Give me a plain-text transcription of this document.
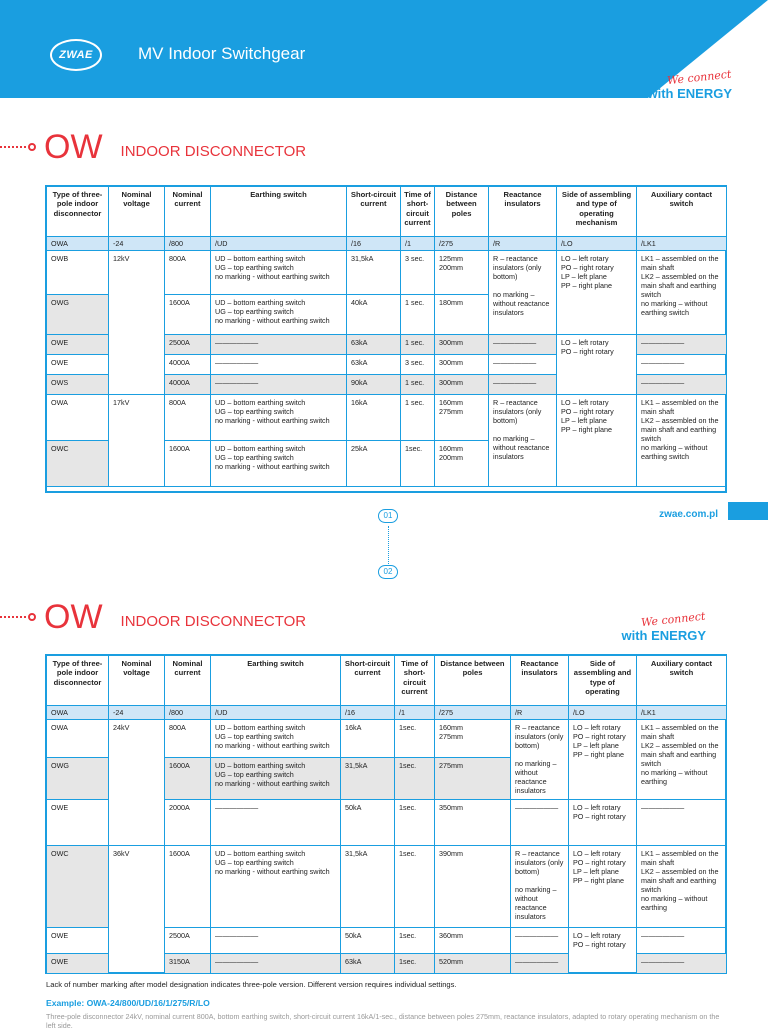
ZWAE	MV Indoor Switchgear
We connect
with ENERGY
OW INDOOR DISCONNECTOR
Type of three-pole indoor disconnector	Nominal voltage	Nominal current	Earthing switch	Short-circuit current	Time of short-circuit current	Distance between poles	Reactance insulators	Side of assembling and type of operating mechanism	Auxiliary contact switch
OWA	-24	/800	/UD	/16	/1	/275	/R	/LO	/LK1
OWB	12kV	800A	UD – bottom earthing switch
UG – top earthing switch
no marking - without earthing switch	31,5kA	3 sec.	125mm
200mm	R – reactance insulators (only bottom)

no marking – without reactance insulators	LO – left rotary
PO – right rotary
LP – left plane
PP – right plane	LK1 – assembled on the main shaft
LK2 – assembled on the main shaft and earthing switch
no marking – without earthing switch
OWG		1600A	UD – bottom earthing switch
UG – top earthing switch
no marking - without earthing switch	40kA	1 sec.	180mm			
OWE		2500A	——————	63kA	1 sec.	300mm	——————	LO – left rotary
PO – right rotary	——————
OWE		4000A	——————	63kA	3 sec.	300mm	——————		——————
OWS		4000A	——————	90kA	1 sec.	300mm	——————		——————
OWA	17kV	800A	UD – bottom earthing switch
UG – top earthing switch
no marking - without earthing switch	16kA	1 sec.	160mm
275mm	R – reactance insulators (only bottom)

no marking – without reactance insulators	LO – left rotary
PO – right rotary
LP – left plane
PP – right plane	LK1 – assembled on the main shaft
LK2 – assembled on the main shaft and earthing switch
no marking – without earthing switch
OWC		1600A	UD – bottom earthing switch
UG – top earthing switch
no marking - without earthing switch	25kA	1sec.	160mm
200mm			
zwae.com.pl
01
02
OW INDOOR DISCONNECTOR	We connect
with ENERGY
Type of three-pole indoor disconnector	Nominal voltage	Nominal current	Earthing switch	Short-circuit current	Time of short-circuit current	Distance between poles	Reactance insulators	Side of assembling and type of operating	Auxiliary contact switch
OWA	-24	/800	/UD	/16	/1	/275	/R	/LO	/LK1
OWA	24kV	800A	UD – bottom earthing switch
UG – top earthing switch
no marking - without earthing switch	16kA	1sec.	160mm
275mm	R – reactance insulators (only bottom)

no marking – without reactance insulators	LO – left rotary
PO – right rotary
LP – left plane
PP – right plane	LK1 – assembled on the main shaft
LK2 – assembled on the main shaft and earthing switch
no marking – without earthing
OWG		1600A	UD – bottom earthing switch
UG – top earthing switch
no marking - without earthing switch	31,5kA	1sec.	275mm			
OWE		2000A	——————	50kA	1sec.	350mm	——————	LO – left rotary
PO – right rotary	——————
OWC	36kV	1600A	UD – bottom earthing switch
UG – top earthing switch
no marking - without earthing switch	31,5kA	1sec.	390mm	R – reactance insulators (only bottom)

no marking – without reactance insulators	LO – left rotary
PO – right rotary
LP – left plane
PP – right plane	LK1 – assembled on the main shaft
LK2 – assembled on the main shaft and earthing switch
no marking – without earthing
OWE		2500A	——————	50kA	1sec.	360mm	——————	LO – left rotary
PO – right rotary	——————
OWE		3150A	——————	63kA	1sec.	520mm	——————		——————
Lack of number marking after model designation indicates three-pole version. Different version requires individual settings.
Example: OWA-24/800/UD/16/1/275/R/LO
Three-pole disconnector 24kV, nominal current 800A, bottom earthing switch, short-circuit current 16kA/1-sec., distance between poles 275mm, reactance insulators, adapted to rotary operating mechanism on the left side.
